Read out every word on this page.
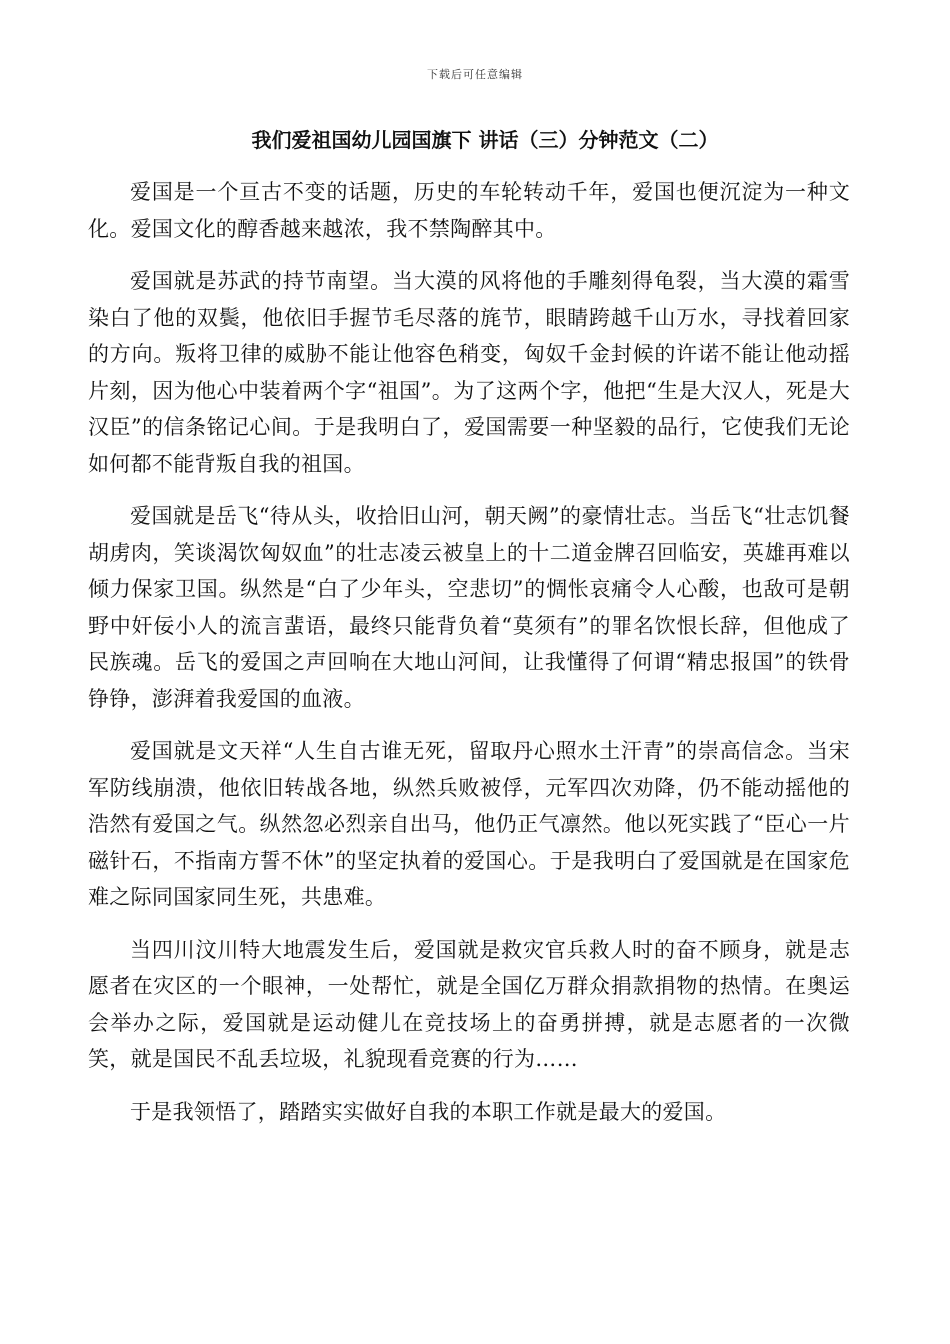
下载后可任意编辑
我们爱祖国幼儿园国旗下 讲话（三）分钟范文（二）

爱国是一个亘古不变的话题，历史的车轮转动千年，爱国也便沉淀为一种文化。爱国文化的醇香越来越浓，我不禁陶醉其中。

爱国就是苏武的持节南望。当大漠的风将他的手雕刻得龟裂，当大漠的霜雪染白了他的双鬓，他依旧手握节毛尽落的旄节，眼睛跨越千山万水，寻找着回家的方向。叛将卫律的威胁不能让他容色稍变，匈奴千金封候的许诺不能让他动摇片刻，因为他心中装着两个字“祖国”。为了这两个字，他把“生是大汉人，死是大汉臣”的信条铭记心间。于是我明白了，爱国需要一种坚毅的品行，它使我们无论如何都不能背叛自我的祖国。

爱国就是岳飞“待从头，收拾旧山河，朝天阙”的豪情壮志。当岳飞“壮志饥餐胡虏肉，笑谈渴饮匈奴血”的壮志凌云被皇上的十二道金牌召回临安，英雄再难以倾力保家卫国。纵然是“白了少年头，空悲切”的惆怅哀痛令人心酸，也敌可是朝野中奸佞小人的流言蜚语，最终只能背负着“莫须有”的罪名饮恨长辞，但他成了民族魂。岳飞的爱国之声回响在大地山河间，让我懂得了何谓“精忠报国”的铁骨铮铮，澎湃着我爱国的血液。

爱国就是文天祥“人生自古谁无死，留取丹心照水土汗青”的崇高信念。当宋军防线崩溃，他依旧转战各地，纵然兵败被俘，元军四次劝降，仍不能动摇他的浩然有爱国之气。纵然忽必烈亲自出马，他仍正气凛然。他以死实践了“臣心一片磁针石，不指南方誓不休”的坚定执着的爱国心。于是我明白了爱国就是在国家危难之际同国家同生死，共患难。

当四川汶川特大地震发生后，爱国就是救灾官兵救人时的奋不顾身，就是志愿者在灾区的一个眼神，一处帮忙，就是全国亿万群众捐款捐物的热情。在奥运会举办之际，爱国就是运动健儿在竞技场上的奋勇拼搏，就是志愿者的一次微笑，就是国民不乱丢垃圾，礼貌现看竞赛的行为……

于是我领悟了，踏踏实实做好自我的本职工作就是最大的爱国。
